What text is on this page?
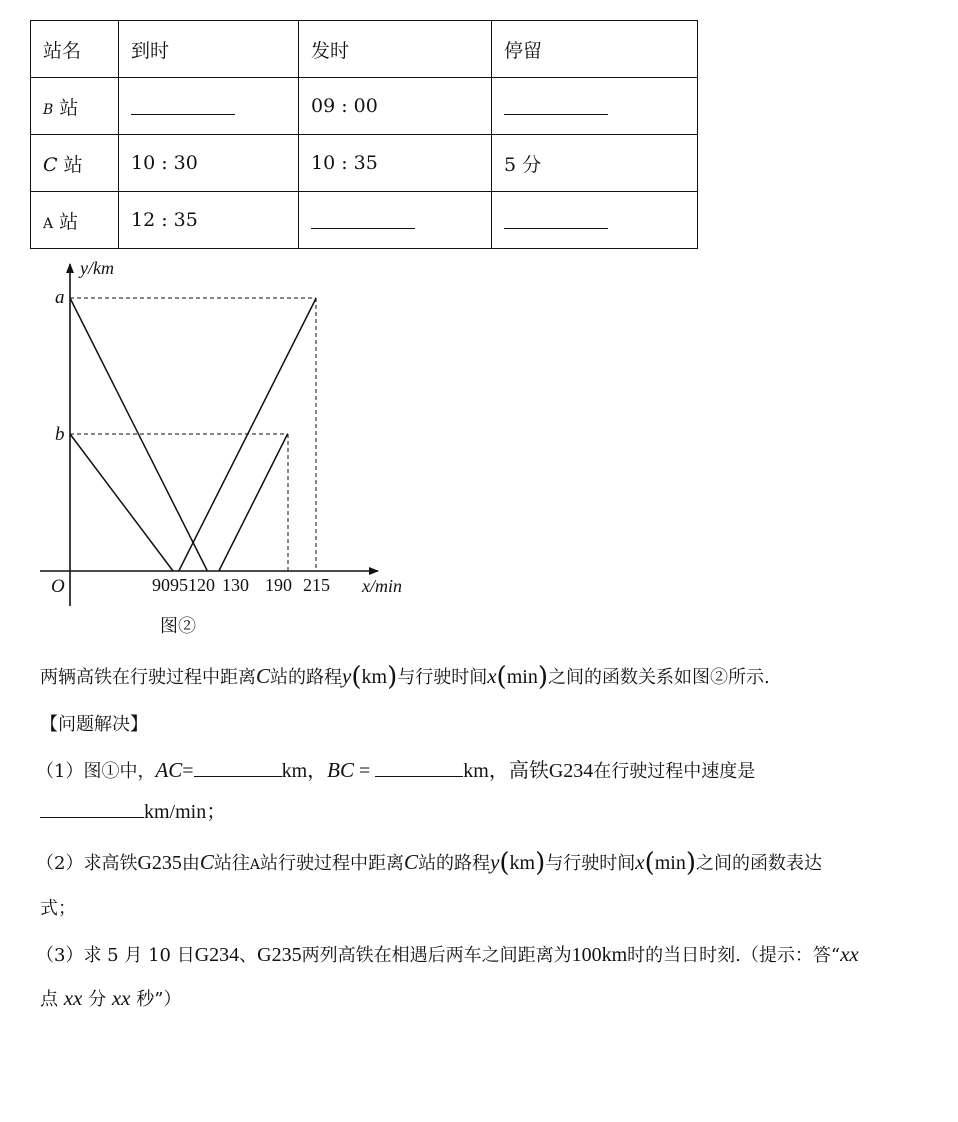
站名	到时	发时	停留
B 站		09 : 00	
C 站	10 : 30	10 : 35	5 分
A 站	12 : 35		
y/km
x/min
O
a
b
90 95 120 130 190 215
图②
两辆高铁在行驶过程中距离C站的路程y(km)与行驶时间x(min)之间的函数关系如图②所示.
【问题解决】
（1）图①中，AC=	km，BC =	km，高铁G234在行驶过程中速度是
km/min；
（2）求高铁G235由C站往A站行驶过程中距离C站的路程y(km)与行驶时间x(min)之间的函数表达
式；
（3）求 5 月 10 日G234、G235两列高铁在相遇后两车之间距离为100km时的当日时刻.（提示：答“xx
点 xx 分 xx 秒”）
